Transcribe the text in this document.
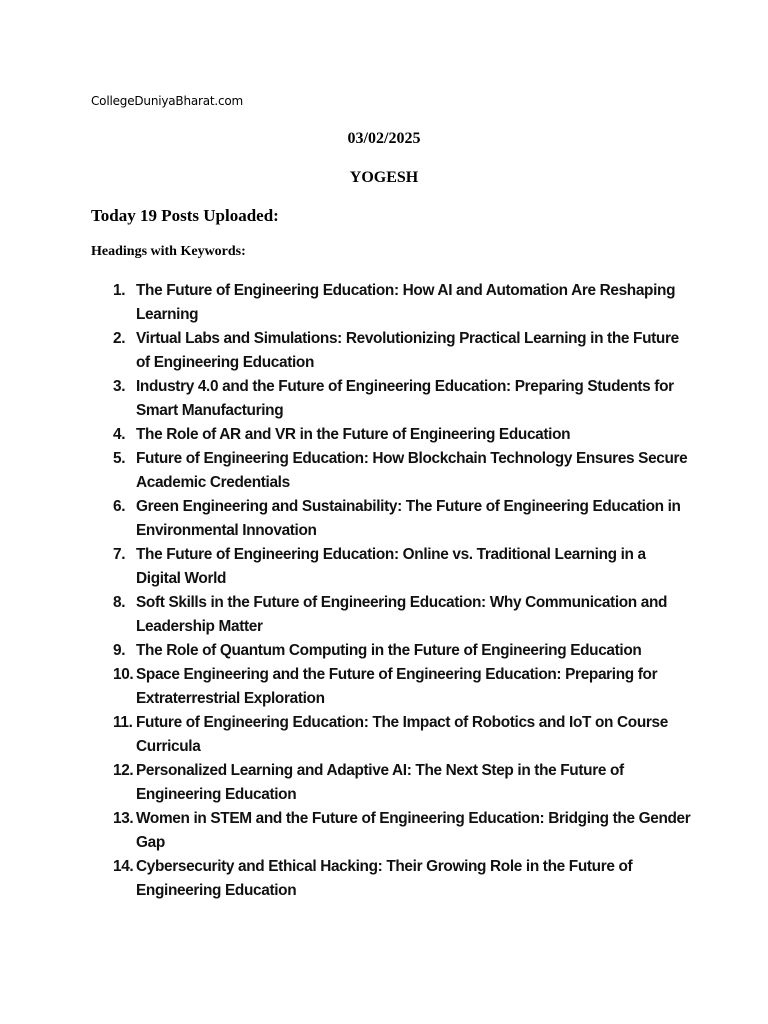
CollegeDuniyaBharat.com
03/02/2025
YOGESH
Today 19 Posts Uploaded:
Headings with Keywords:
1. The Future of Engineering Education: How AI and Automation Are Reshaping Learning
2. Virtual Labs and Simulations: Revolutionizing Practical Learning in the Future of Engineering Education
3. Industry 4.0 and the Future of Engineering Education: Preparing Students for Smart Manufacturing
4. The Role of AR and VR in the Future of Engineering Education
5. Future of Engineering Education: How Blockchain Technology Ensures Secure Academic Credentials
6. Green Engineering and Sustainability: The Future of Engineering Education in Environmental Innovation
7. The Future of Engineering Education: Online vs. Traditional Learning in a Digital World
8. Soft Skills in the Future of Engineering Education: Why Communication and Leadership Matter
9. The Role of Quantum Computing in the Future of Engineering Education
10. Space Engineering and the Future of Engineering Education: Preparing for Extraterrestrial Exploration
11. Future of Engineering Education: The Impact of Robotics and IoT on Course Curricula
12. Personalized Learning and Adaptive AI: The Next Step in the Future of Engineering Education
13. Women in STEM and the Future of Engineering Education: Bridging the Gender Gap
14. Cybersecurity and Ethical Hacking: Their Growing Role in the Future of Engineering Education
